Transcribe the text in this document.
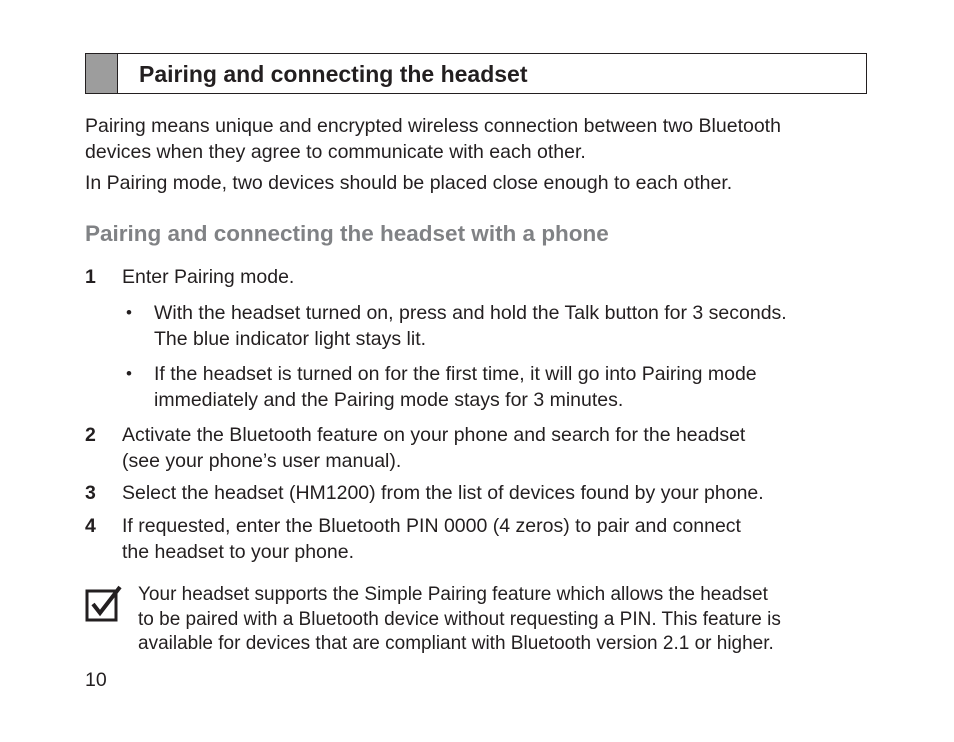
Pairing and connecting the headset
Pairing means unique and encrypted wireless connection between two Bluetooth
devices when they agree to communicate with each other.
In Pairing mode, two devices should be placed close enough to each other.
Pairing and connecting the headset with a phone
1 Enter Pairing mode.
• With the headset turned on, press and hold the Talk button for 3 seconds.
The blue indicator light stays lit.
• If the headset is turned on for the first time, it will go into Pairing mode
immediately and the Pairing mode stays for 3 minutes.
2 Activate the Bluetooth feature on your phone and search for the headset
(see your phone’s user manual).
3 Select the headset (HM1200) from the list of devices found by your phone.
4 If requested, enter the Bluetooth PIN 0000 (4 zeros) to pair and connect
the headset to your phone.
Your headset supports the Simple Pairing feature which allows the headset
to be paired with a Bluetooth device without requesting a PIN. This feature is
available for devices that are compliant with Bluetooth version 2.1 or higher.
10
